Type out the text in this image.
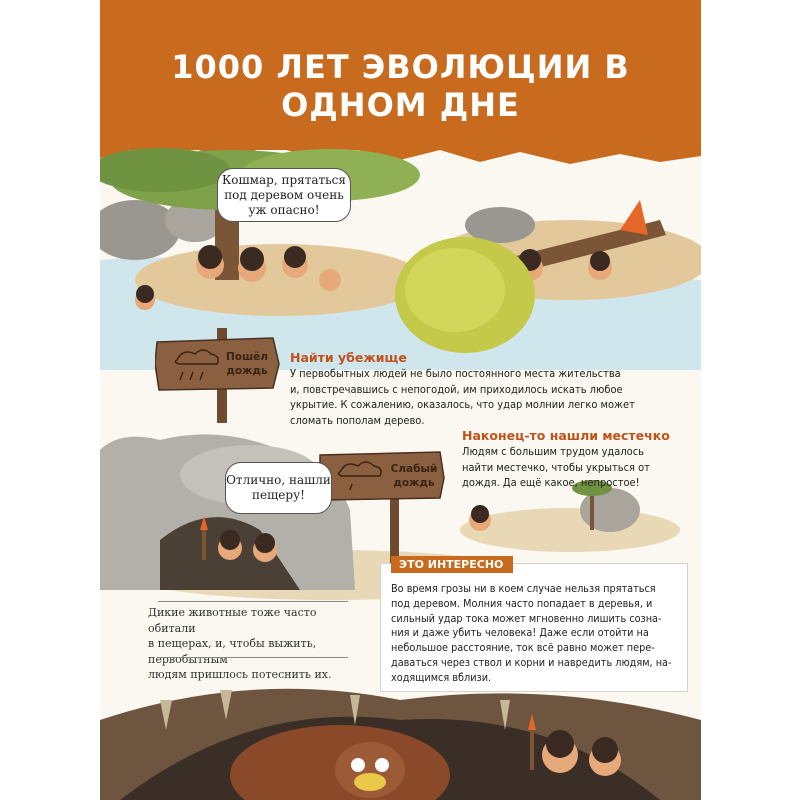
1000 ЛЕТ ЭВОЛЮЦИИ В ОДНОМ ДНЕ
Кошмар, прятаться под деревом очень уж опасно!
Пошёл
дождь
Найти убежище
У первобытных людей не было постоянного места жительства
и, повстречавшись с непогодой, им приходилось искать любое
укрытие. К сожалению, оказалось, что удар молнии легко может
сломать пополам дерево.
Слабый
дождь
Отлично, нашли пещеру!
Наконец-то нашли местечко
Людям с большим трудом удалось
найти местечко, чтобы укрыться от
дождя. Да ещё какое, непростое!
ЭТО ИНТЕРЕСНО
Во время грозы ни в коем случае нельзя прятаться
под деревом. Молния часто попадает в деревья, и
сильный удар тока может мгновенно лишить созна-
ния и даже убить человека! Даже если отойти на
небольшое расстояние, ток всё равно может пере-
даваться через ствол и корни и навредить людям, на-
ходящимся вблизи.
Дикие животные тоже часто обитали
в пещерах, и, чтобы выжить, первобытным
людям пришлось потеснить их.
